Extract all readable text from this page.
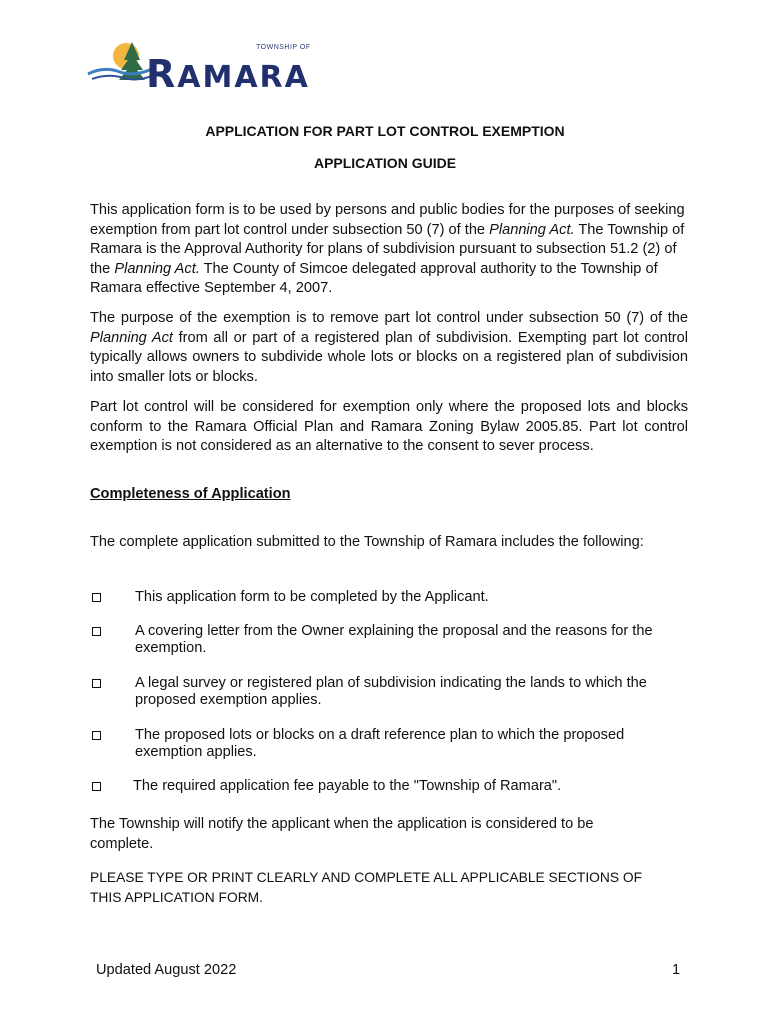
TOWNSHIP OF
RAMARA
APPLICATION FOR PART LOT CONTROL EXEMPTION
APPLICATION GUIDE
This application form is to be used by persons and public bodies for the purposes of seeking exemption from part lot control under subsection 50 (7) of the Planning Act. The Township of Ramara is the Approval Authority for plans of subdivision pursuant to subsection 51.2 (2) of the Planning Act. The County of Simcoe delegated approval authority to the Township of Ramara effective September 4, 2007.
The purpose of the exemption is to remove part lot control under subsection 50 (7) of the Planning Act from all or part of a registered plan of subdivision. Exempting part lot control typically allows owners to subdivide whole lots or blocks on a registered plan of subdivision into smaller lots or blocks.
Part lot control will be considered for exemption only where the proposed lots and blocks conform to the Ramara Official Plan and Ramara Zoning Bylaw 2005.85. Part lot control exemption is not considered as an alternative to the consent to sever process.
Completeness of Application
The complete application submitted to the Township of Ramara includes the following:
This application form to be completed by the Applicant.
A covering letter from the Owner explaining the proposal and the reasons for the exemption.
A legal survey or registered plan of subdivision indicating the lands to which the proposed exemption applies.
The proposed lots or blocks on a draft reference plan to which the proposed exemption applies.
The required application fee payable to the "Township of Ramara".
The Township will notify the applicant when the application is considered to be complete.
PLEASE TYPE OR PRINT CLEARLY AND COMPLETE ALL APPLICABLE SECTIONS OF THIS APPLICATION FORM.
Updated August 2022	1
